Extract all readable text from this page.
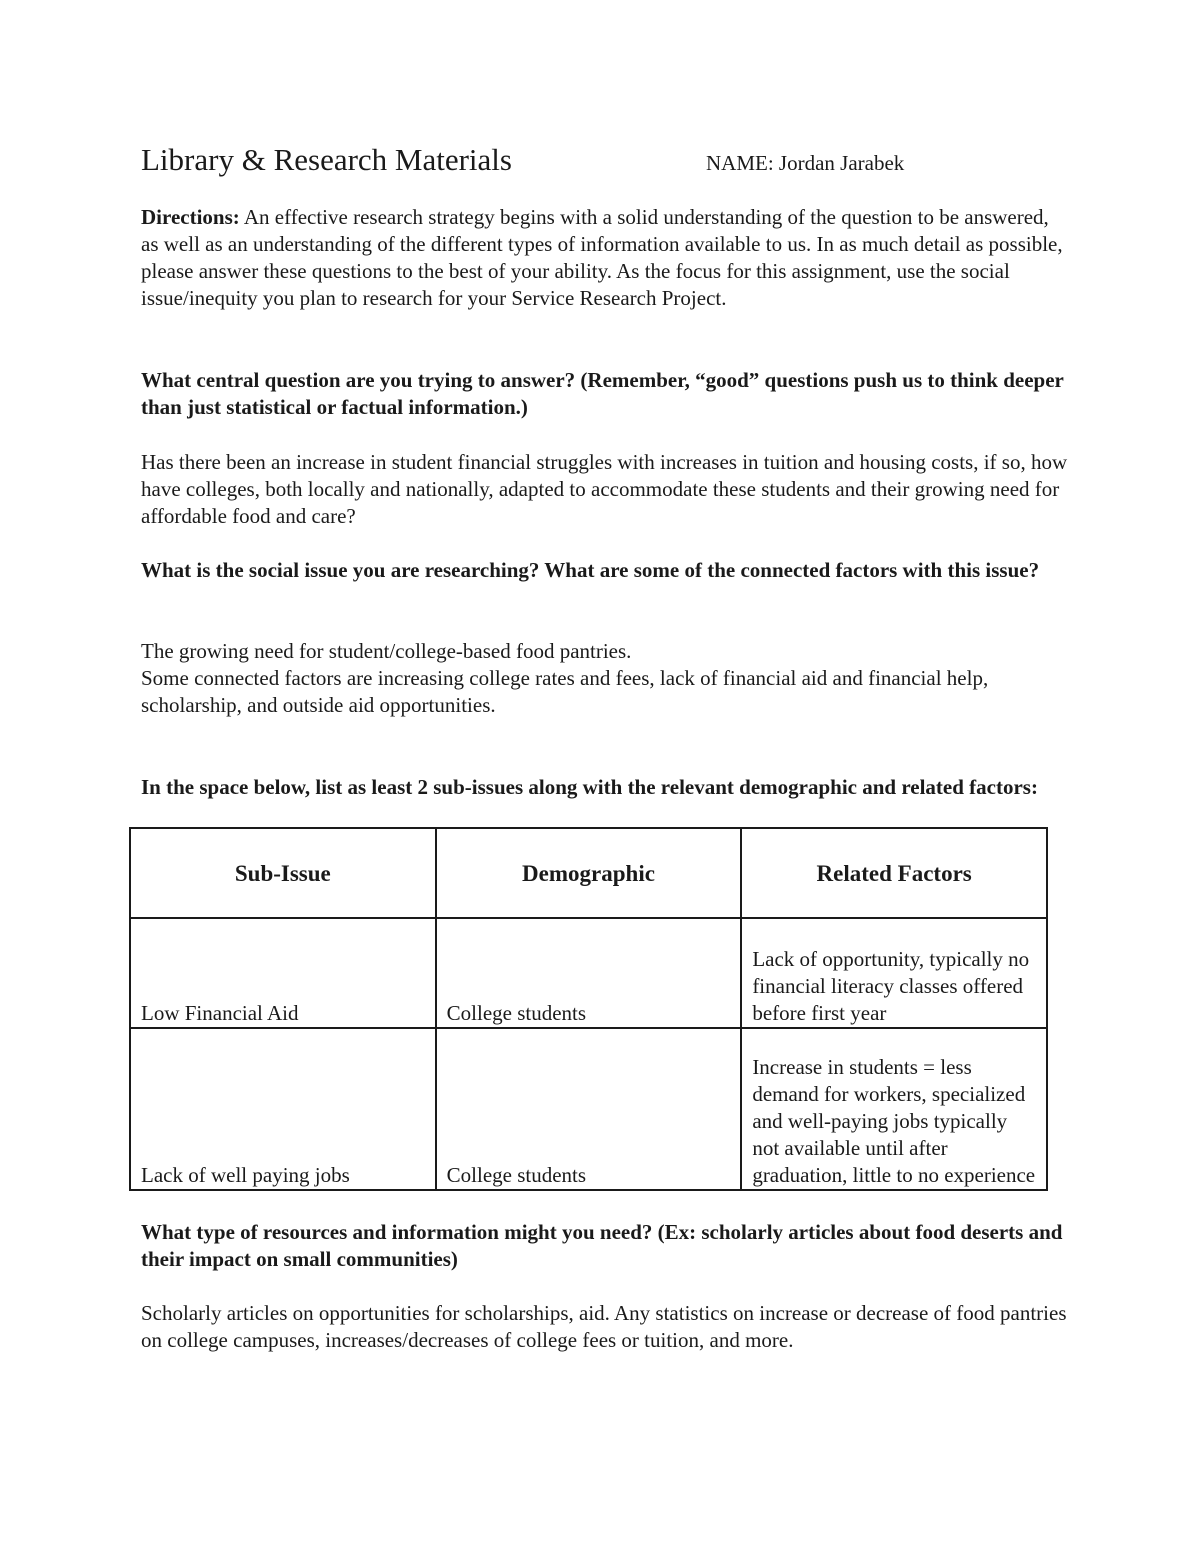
Library & Research Materials	NAME: Jordan Jarabek

Directions: An effective research strategy begins with a solid understanding of the question to be answered, as well as an understanding of the different types of information available to us. In as much detail as possible, please answer these questions to the best of your ability. As the focus for this assignment, use the social issue/inequity you plan to research for your Service Research Project.

What central question are you trying to answer? (Remember, “good” questions push us to think deeper than just statistical or factual information.)
Has there been an increase in student financial struggles with increases in tuition and housing costs, if so, how have colleges, both locally and nationally, adapted to accommodate these students and their growing need for affordable food and care?
What is the social issue you are researching? What are some of the connected factors with this issue?

The growing need for student/college-based food pantries.

Some connected factors are increasing college rates and fees, lack of financial aid and financial help, scholarship, and outside aid opportunities.

In the space below, list as least 2 sub-issues along with the relevant demographic and related factors:
Sub-Issue	Demographic	Related Factors
Low Financial Aid	College students	Lack of opportunity, typically no financial literacy classes offered before first year
Lack of well paying jobs	College students	Increase in students = less demand for workers, specialized and well-paying jobs typically not available until after graduation, little to no experience
What type of resources and information might you need? (Ex: scholarly articles about food deserts and their impact on small communities)
Scholarly articles on opportunities for scholarships, aid. Any statistics on increase or decrease of food pantries on college campuses, increases/decreases of college fees or tuition, and more.
